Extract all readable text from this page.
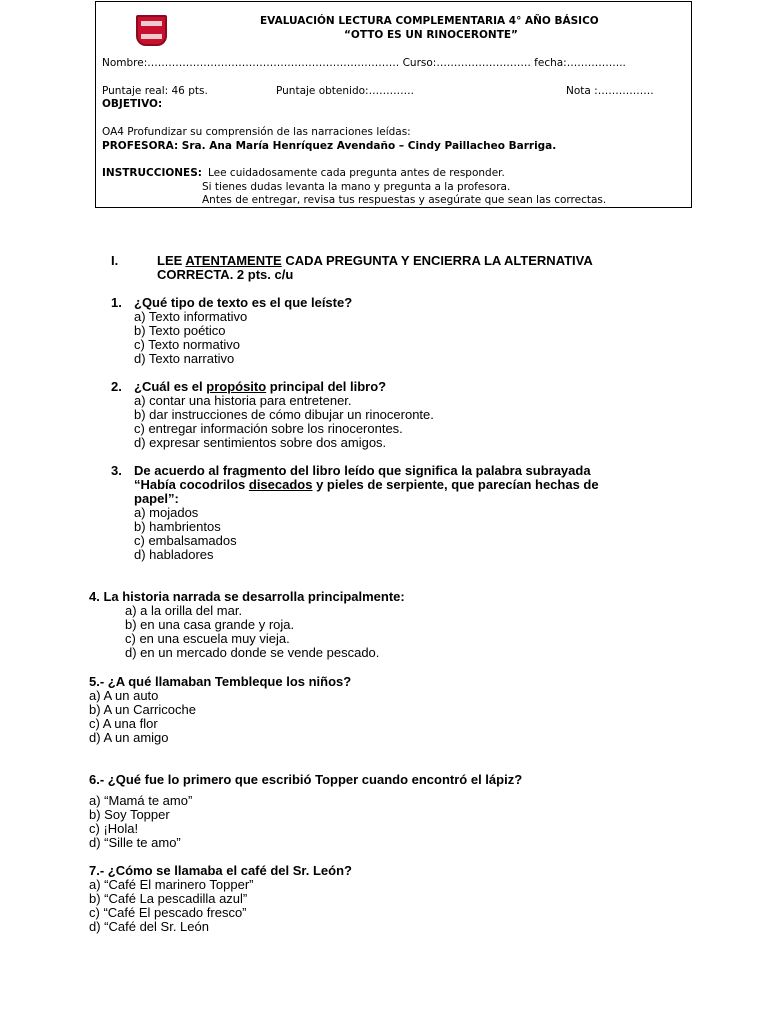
EVALUACIÓN LECTURA COMPLEMENTARIA 4° AÑO BÁSICO
“OTTO ES UN RINOCERONTE”
Nombre:……………………………………………………………… Curso:……………………… fecha:……………..
Puntaje real: 46 pts.	Puntaje obtenido:………….	Nota :…………….
OBJETIVO:
OA4 Profundizar su comprensión de las narraciones leídas:
PROFESORA: Sra. Ana María Henríquez Avendaño – Cindy Paillacheo Barriga.
INSTRUCCIONES: Lee cuidadosamente cada pregunta antes de responder.
Si tienes dudas levanta la mano y pregunta a la profesora.
Antes de entregar, revisa tus respuestas y asegúrate que sean las correctas.
I.	LEE ATENTAMENTE CADA PREGUNTA Y ENCIERRA LA ALTERNATIVA
CORRECTA. 2 pts. c/u
1. ¿Qué tipo de texto es el que leíste?
a) Texto informativo
b) Texto poético
c) Texto normativo
d) Texto narrativo
2. ¿Cuál es el propósito principal del libro?
a) contar una historia para entretener.
b) dar instrucciones de cómo dibujar un rinoceronte.
c) entregar información sobre los rinocerontes.
d) expresar sentimientos sobre dos amigos.
3. De acuerdo al fragmento del libro leído que significa la palabra subrayada
“Había cocodrilos disecados y pieles de serpiente, que parecían hechas de
papel”:
a) mojados
b) hambrientos
c) embalsamados
d) habladores
4. La historia narrada se desarrolla principalmente:
a) a la orilla del mar.
b) en una casa grande y roja.
c) en una escuela muy vieja.
d) en un mercado donde se vende pescado.
5.- ¿A qué llamaban Tembleque los niños?
a) A un auto
b) A un Carricoche
c) A una flor
d) A un amigo
6.- ¿Qué fue lo primero que escribió Topper cuando encontró el lápiz?
a) “Mamá te amo”
b) Soy Topper
c) ¡Hola!
d) “Sille te amo”
7.- ¿Cómo se llamaba el café del Sr. León?
a) “Café El marinero Topper”
b) “Café La pescadilla azul”
c) “Café El pescado fresco”
d) “Café del Sr. León
